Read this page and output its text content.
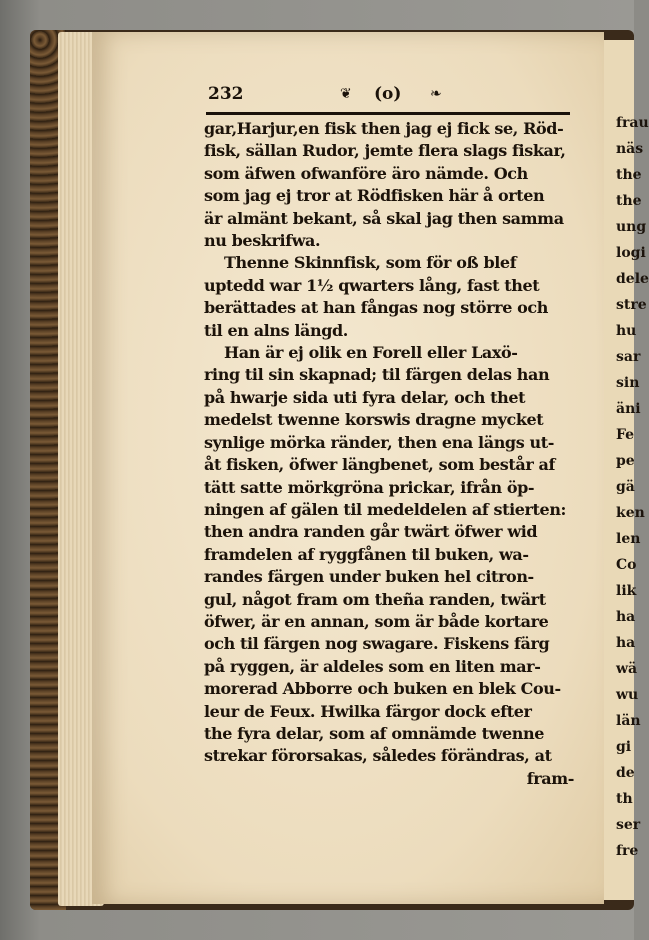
frau
näs
the
the
ung
logi
dele
stre
hu
sar
sin
äni
Fe
pe
gä
ken
len
Co
lik
ha
ha
wä
wu
län
gi
de
th
ser
fre
232	❦ (o) ❧
gar,Harjur,en fisk then jag ej fick se, Röd-
fisk, sällan Rudor, jemte flera slags fiskar,
som äfwen ofwanföre äro nämde. Och
som jag ej tror at Rödfisken här å orten
är almänt bekant, så skal jag then samma
nu beskrifwa.
Thenne Skinnfisk, som för oß blef
uptedd war 1½ qwarters lång, fast thet
berättades at han fångas nog större och
til en alns längd.
Han är ej olik en Forell eller Laxö-
ring til sin skapnad; til färgen delas han
på hwarje sida uti fyra delar, och thet
medelst twenne korswis dragne mycket
synlige mörka ränder, then ena längs ut-
åt fisken, öfwer längbenet, som består af
tätt satte mörkgröna prickar, ifrån öp-
ningen af gälen til medeldelen af stierten:
then andra randen går twärt öfwer wid
framdelen af ryggfånen til buken, wa-
randes färgen under buken hel citron-
gul, något fram om theña randen, twärt
öfwer, är en annan, som är både kortare
och til färgen nog swagare. Fiskens färg
på ryggen, är aldeles som en liten mar-
morerad Abborre och buken en blek Cou-
leur de Feux. Hwilka färgor dock efter
the fyra delar, som af omnämde twenne
strekar förorsakas, således förändras, at
fram-
